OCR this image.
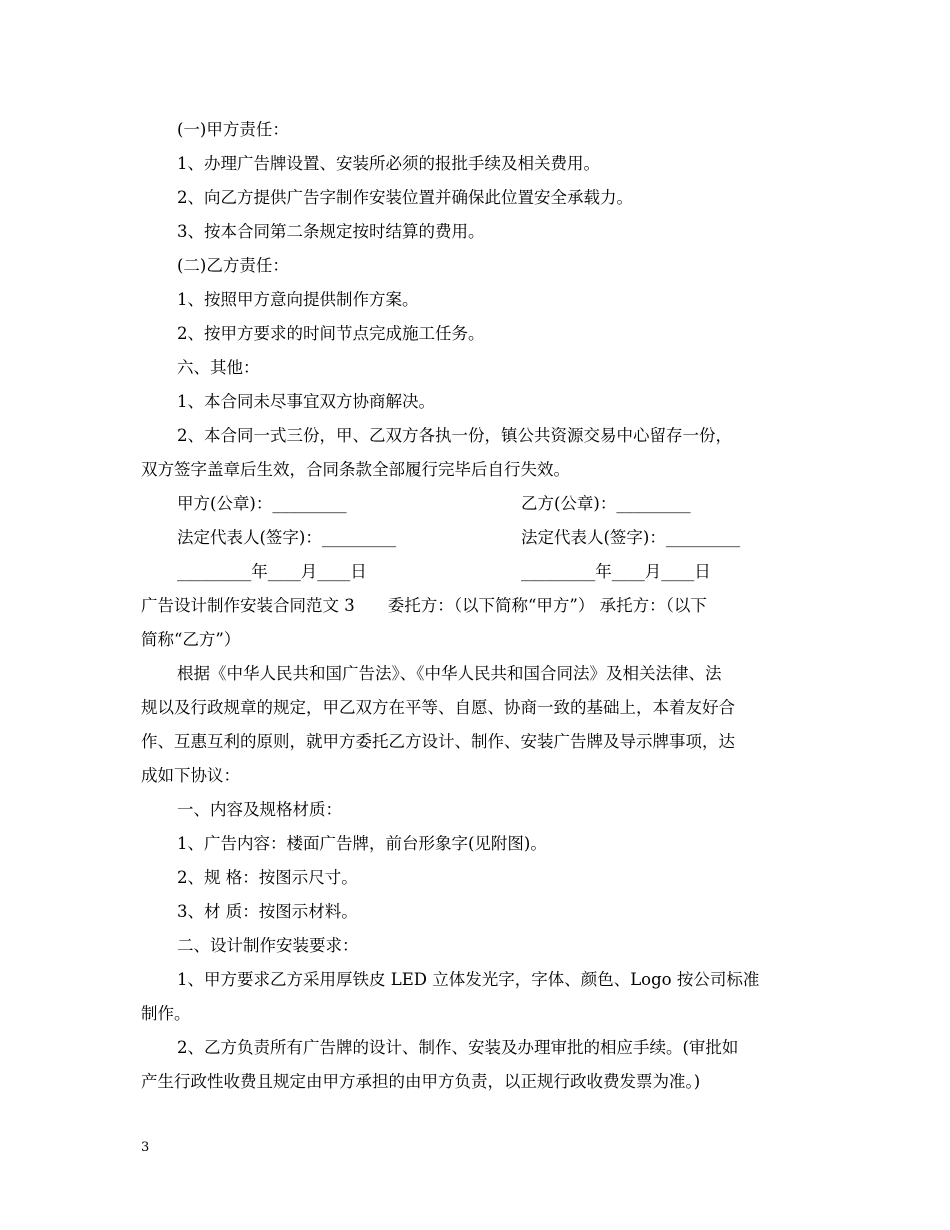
(一)甲方责任：
1、办理广告牌设置、安装所必须的报批手续及相关费用。
2、向乙方提供广告字制作安装位置并确保此位置安全承载力。
3、按本合同第二条规定按时结算的费用。
(二)乙方责任：
1、按照甲方意向提供制作方案。
2、按甲方要求的时间节点完成施工任务。
六、其他：
1、本合同未尽事宜双方协商解决。
2、本合同一式三份，甲、乙双方各执一份，镇公共资源交易中心留存一份，
双方签字盖章后生效，合同条款全部履行完毕后自行失效。
甲方(公章)：_________	乙方(公章)：_________
法定代表人(签字)：_________	法定代表人(签字)：_________
_________年____月____日	_________年____月____日
广告设计制作安装合同范文 3　　委托方：（以下简称“甲方”） 承托方：（以下
简称“乙方”）
根据《中华人民共和国广告法》、《中华人民共和国合同法》及相关法律、法
规以及行政规章的规定，甲乙双方在平等、自愿、协商一致的基础上，本着友好合
作、互惠互利的原则，就甲方委托乙方设计、制作、安装广告牌及导示牌事项，达
成如下协议：
一、内容及规格材质：
1、广告内容：楼面广告牌，前台形象字(见附图)。
2、规 格：按图示尺寸。
3、材 质：按图示材料。
二、设计制作安装要求：
1、甲方要求乙方采用厚铁皮 LED 立体发光字，字体、颜色、Logo 按公司标准
制作。
2、乙方负责所有广告牌的设计、制作、安装及办理审批的相应手续。(审批如
产生行政性收费且规定由甲方承担的由甲方负责，以正规行政收费发票为准。)
3
